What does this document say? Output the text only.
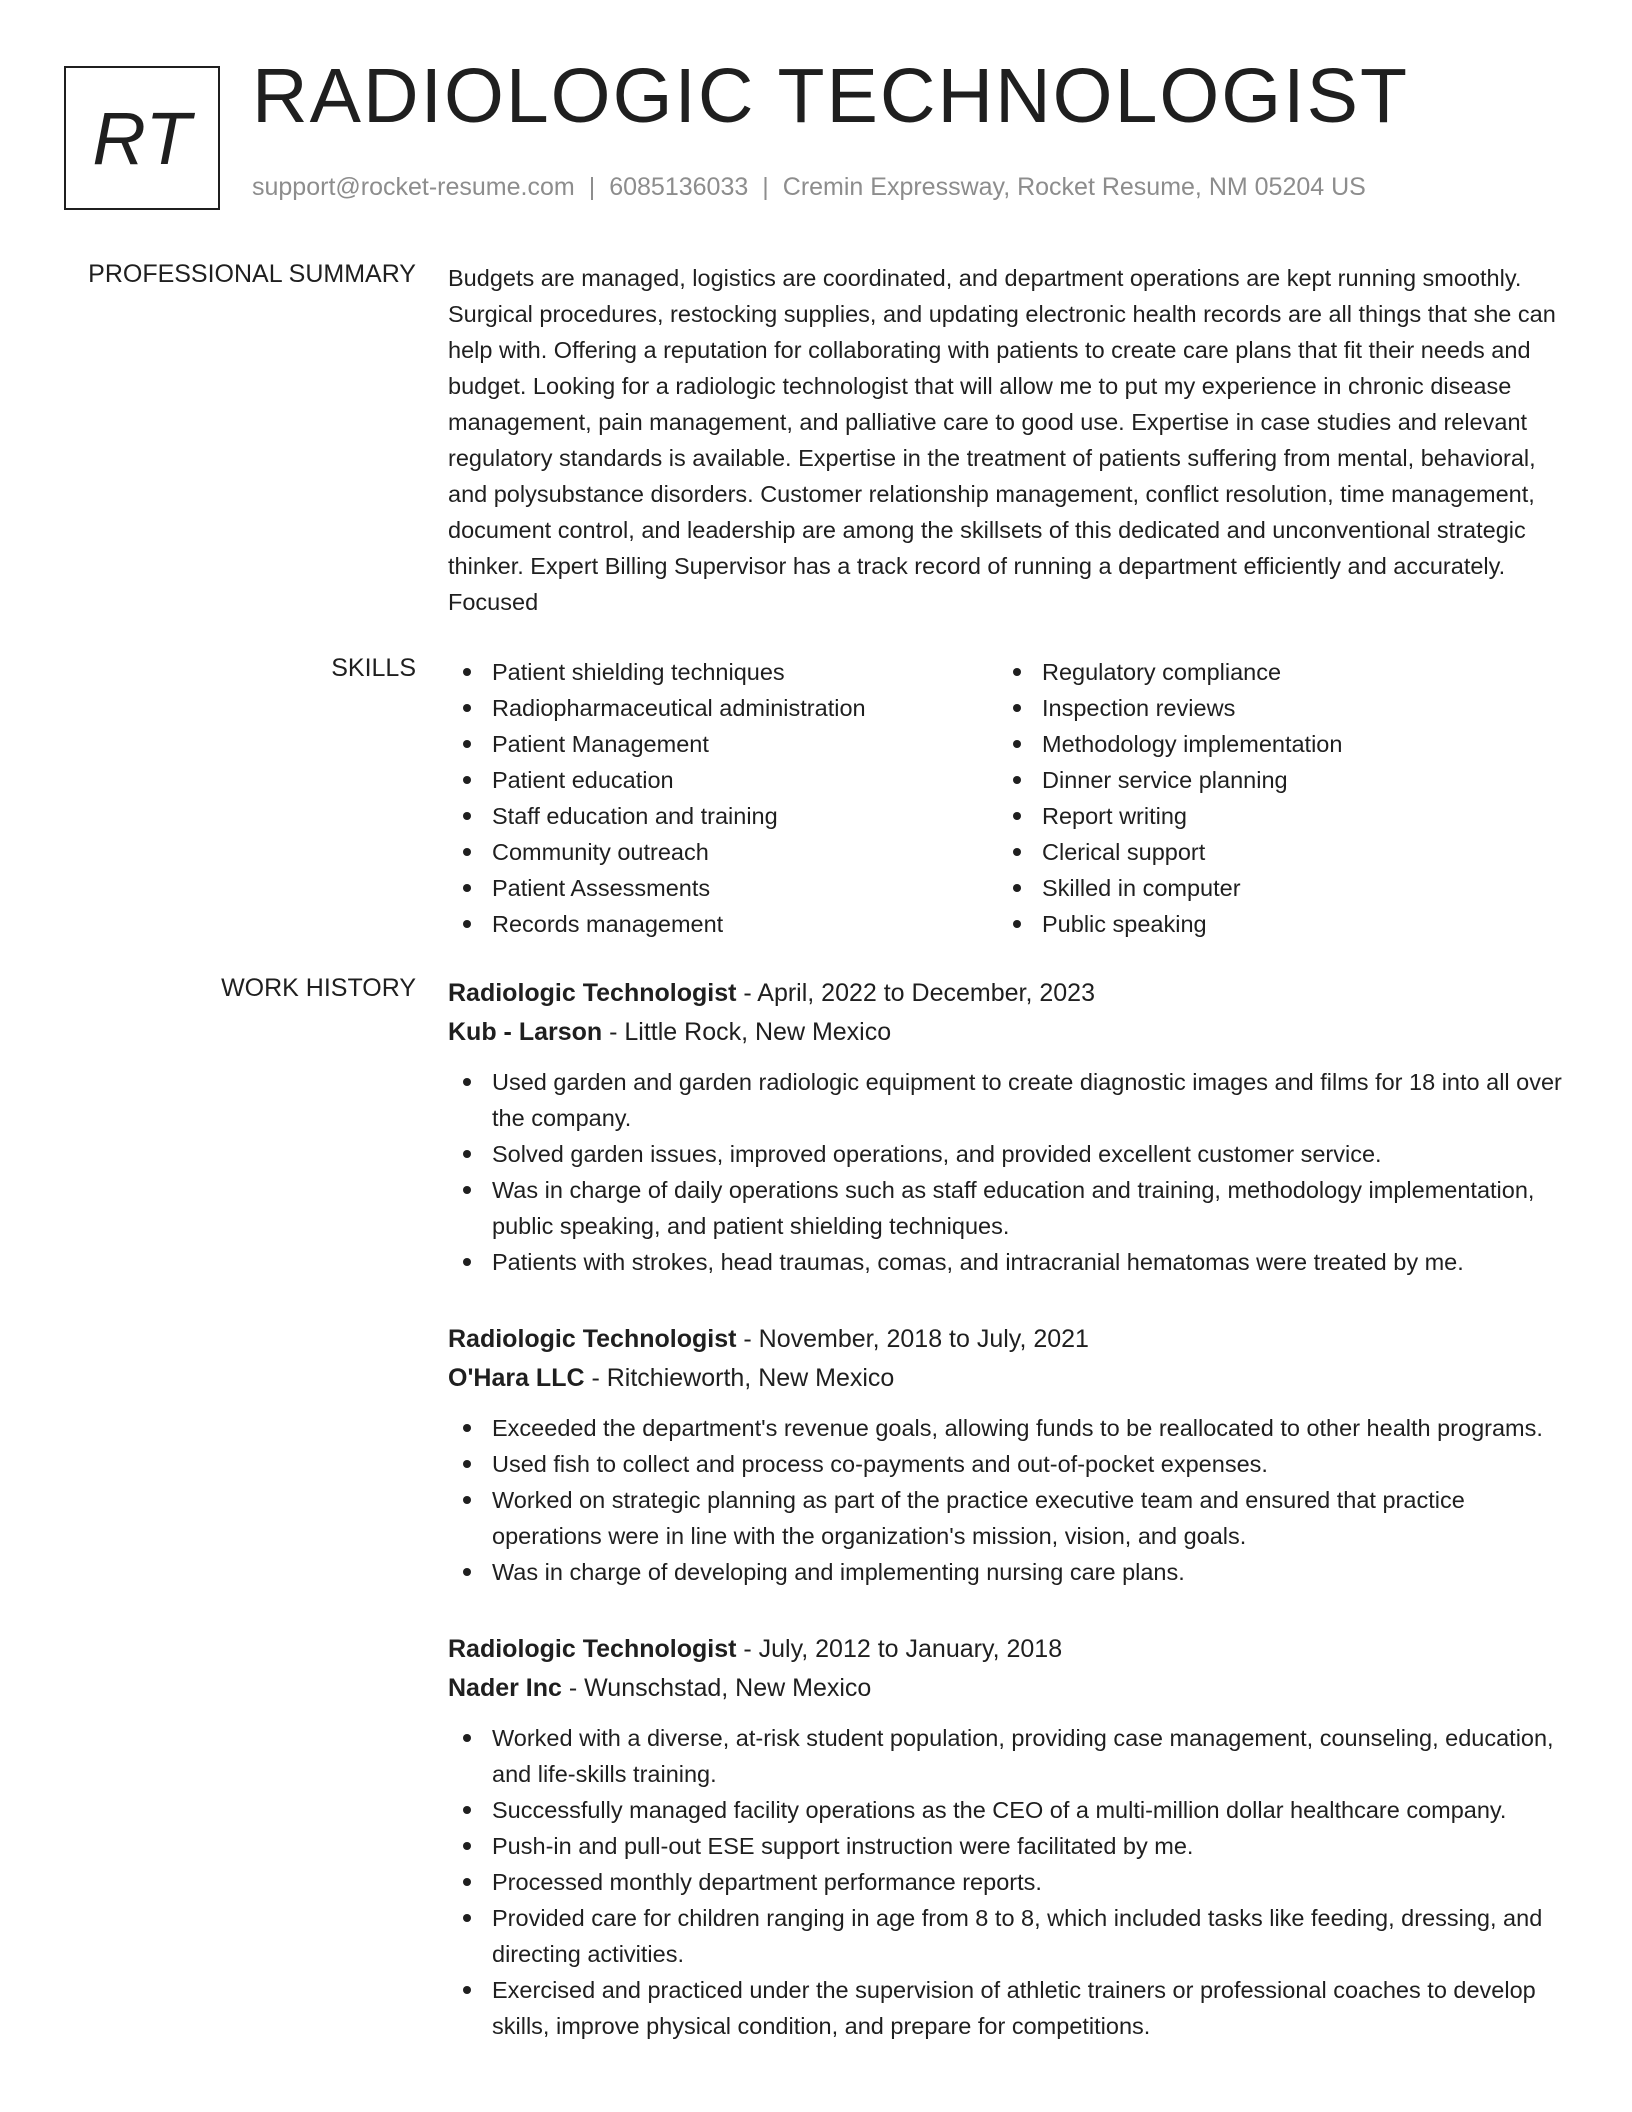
RT RADIOLOGIC TECHNOLOGIST
support@rocket-resume.com | 6085136033 | Cremin Expressway, Rocket Resume, NM 05204 US
PROFESSIONAL SUMMARY Budgets are managed, logistics are coordinated, and department operations are kept running smoothly. Surgical procedures, restocking supplies, and updating electronic health records are all things that she can help with. Offering a reputation for collaborating with patients to create care plans that fit their needs and budget. Looking for a radiologic technologist that will allow me to put my experience in chronic disease management, pain management, and palliative care to good use. Expertise in case studies and relevant regulatory standards is available. Expertise in the treatment of patients suffering from mental, behavioral, and polysubstance disorders. Customer relationship management, conflict resolution, time management, document control, and leadership are among the skillsets of this dedicated and unconventional strategic thinker. Expert Billing Supervisor has a track record of running a department efficiently and accurately. Focused

SKILLS	Patient shielding techniques
Radiopharmaceutical administration
Patient Management
Patient education
Staff education and training
Community outreach
Patient Assessments
Records management
Regulatory compliance
Inspection reviews
Methodology implementation
Dinner service planning
Report writing
Clerical support
Skilled in computer
Public speaking
WORK HISTORY Radiologic Technologist - April, 2022 to December, 2023
Kub - Larson - Little Rock, New Mexico
Used garden and garden radiologic equipment to create diagnostic images and films for 18 into all over the company.
Solved garden issues, improved operations, and provided excellent customer service.
Was in charge of daily operations such as staff education and training, methodology implementation, public speaking, and patient shielding techniques.
Patients with strokes, head traumas, comas, and intracranial hematomas were treated by me.
Radiologic Technologist - November, 2018 to July, 2021
O'Hara LLC - Ritchieworth, New Mexico
Exceeded the department's revenue goals, allowing funds to be reallocated to other health programs.
Used fish to collect and process co-payments and out-of-pocket expenses.
Worked on strategic planning as part of the practice executive team and ensured that practice operations were in line with the organization's mission, vision, and goals.
Was in charge of developing and implementing nursing care plans.
Radiologic Technologist - July, 2012 to January, 2018
Nader Inc - Wunschstad, New Mexico
Worked with a diverse, at-risk student population, providing case management, counseling, education, and life-skills training.
Successfully managed facility operations as the CEO of a multi-million dollar healthcare company.
Push-in and pull-out ESE support instruction were facilitated by me.
Processed monthly department performance reports.
Provided care for children ranging in age from 8 to 8, which included tasks like feeding, dressing, and directing activities.
Exercised and practiced under the supervision of athletic trainers or professional coaches to develop skills, improve physical condition, and prepare for competitions.
